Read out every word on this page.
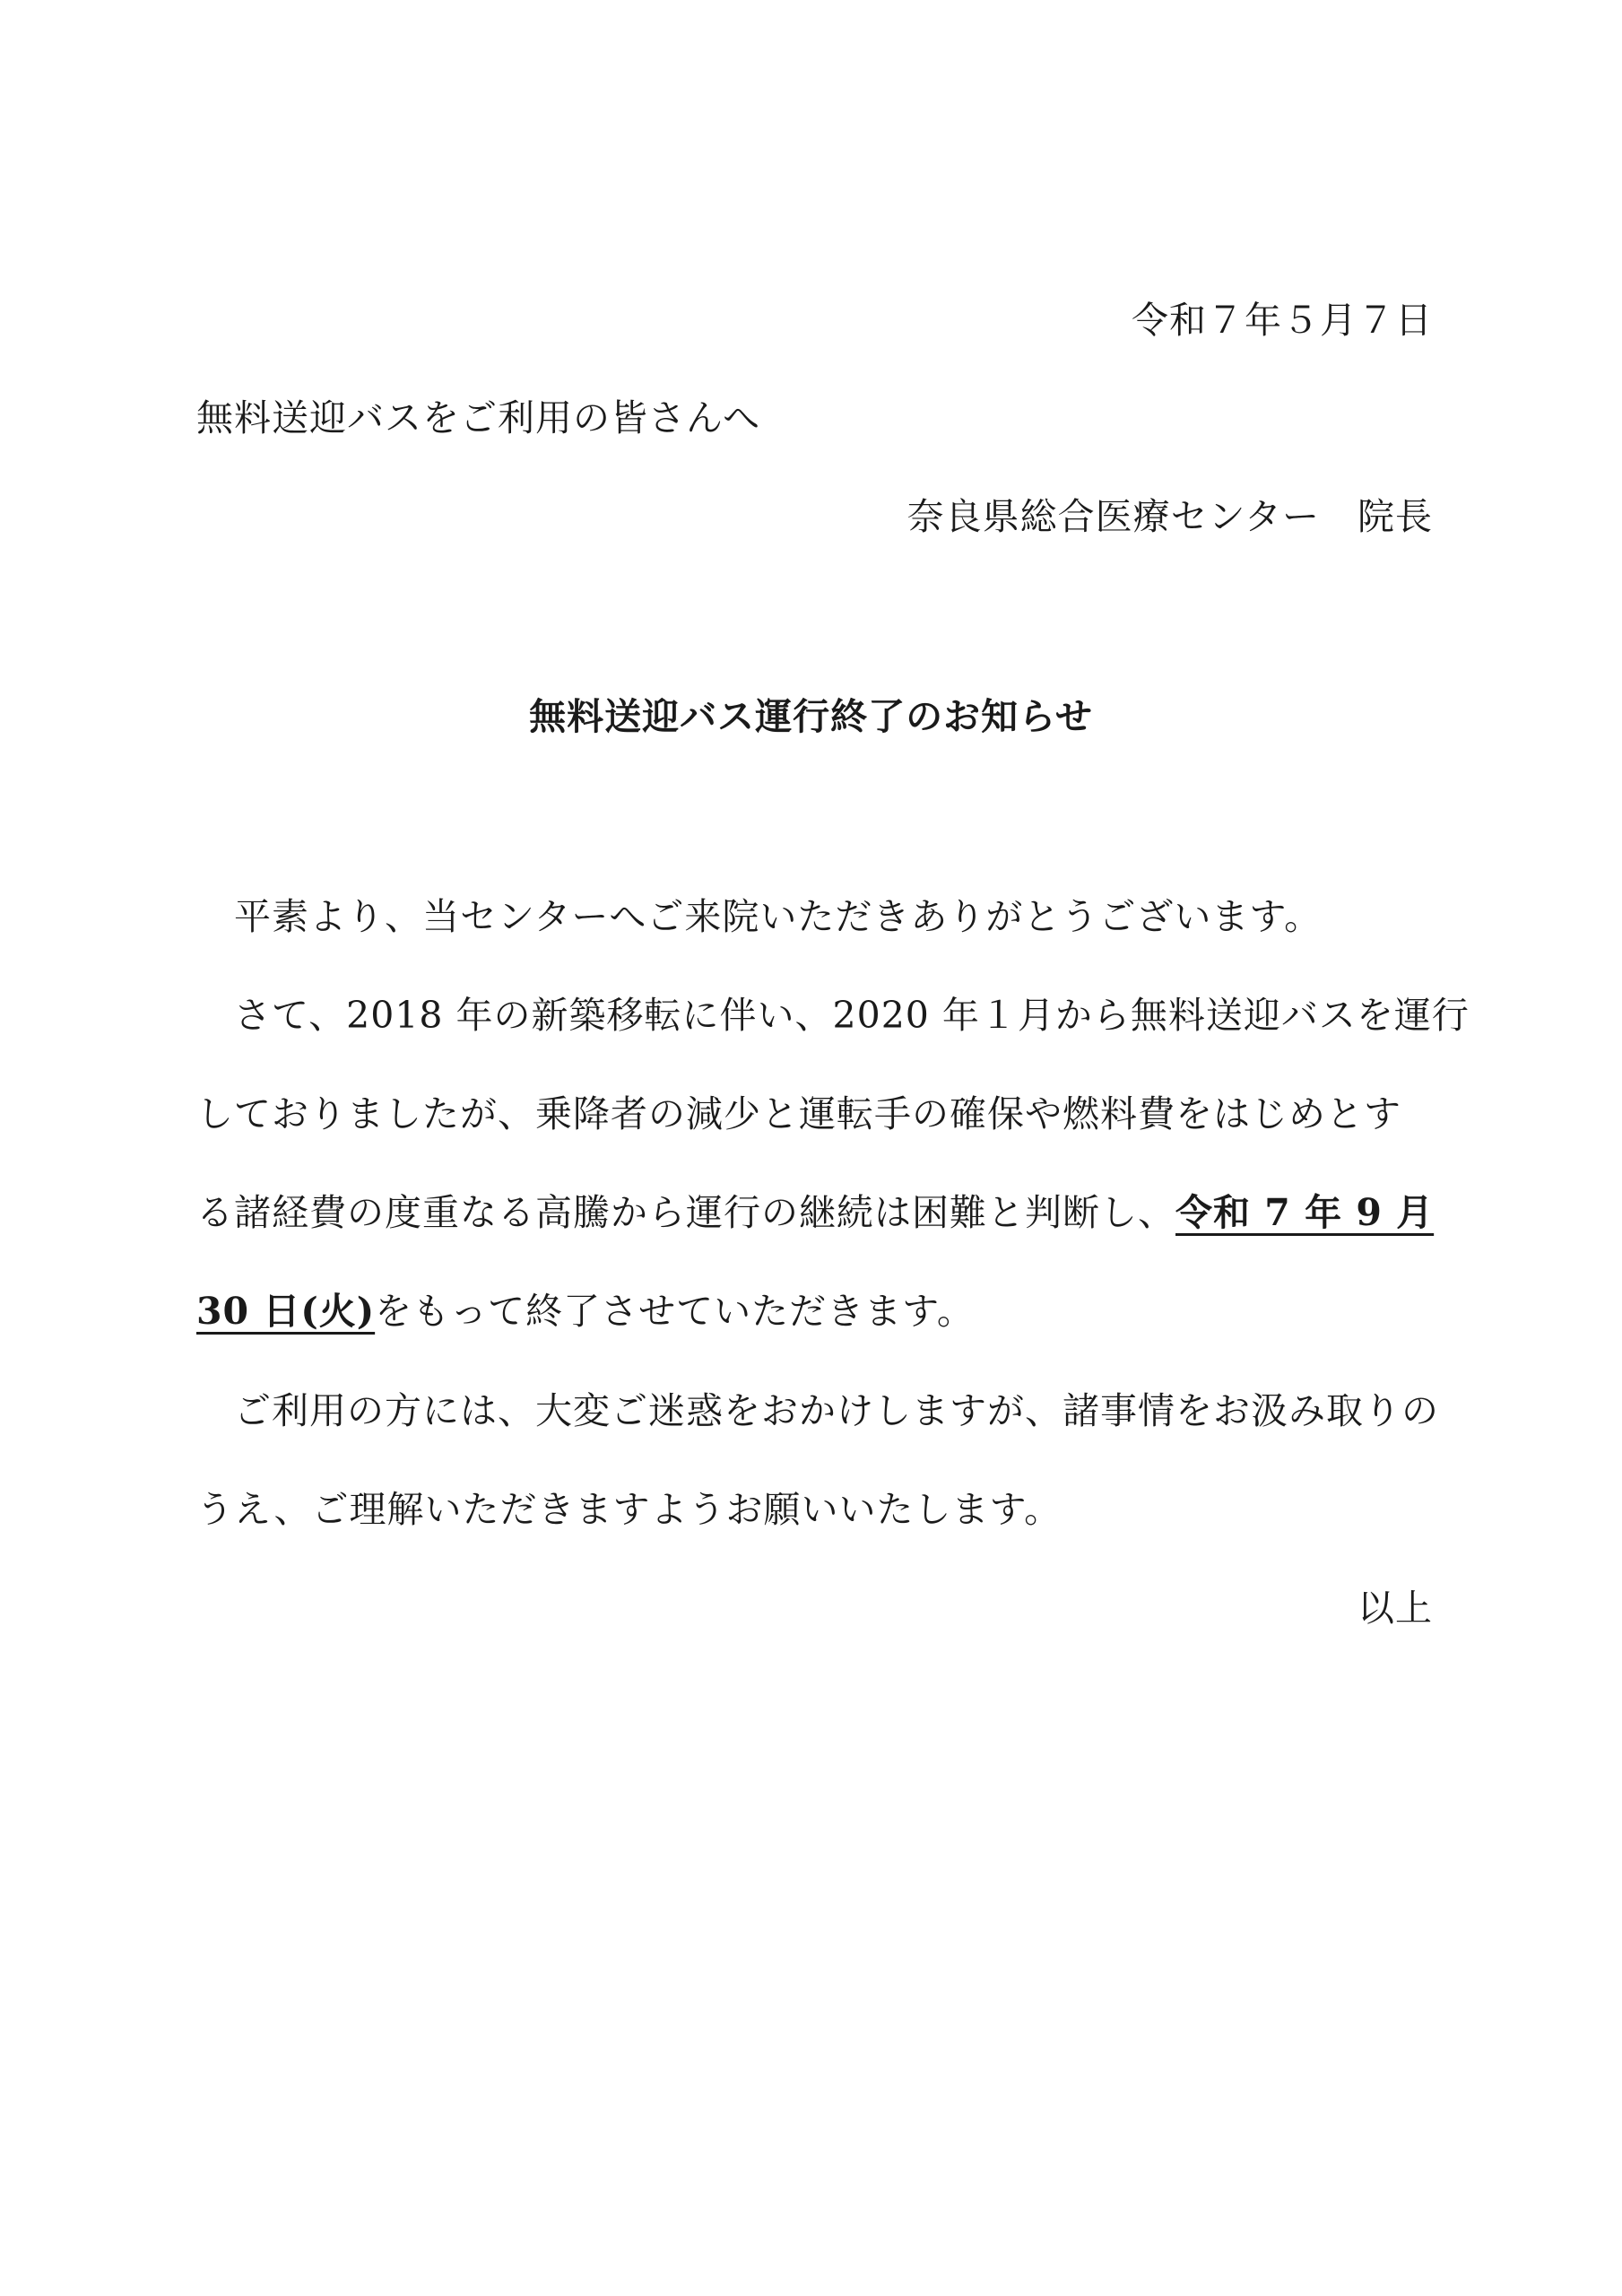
令和７年５月７日
無料送迎バスをご利用の皆さんへ
奈良県総合医療センター　院長
無料送迎バス運行終了のお知らせ
　平素より、当センターへご来院いただきありがとうございます。
　さて、2018 年の新築移転に伴い、2020 年１月から無料送迎バスを運行
しておりましたが、乗降者の減少と運転手の確保や燃料費をはじめとす
る諸経費の度重なる高騰から運行の継続は困難と判断し、 令和 7 年 9 月
30 日(火)をもって終了させていただきます。
　ご利用の方には、大変ご迷惑をおかけしますが、諸事情をお汲み取りの
うえ、ご理解いただきますようお願いいたします。
以上
